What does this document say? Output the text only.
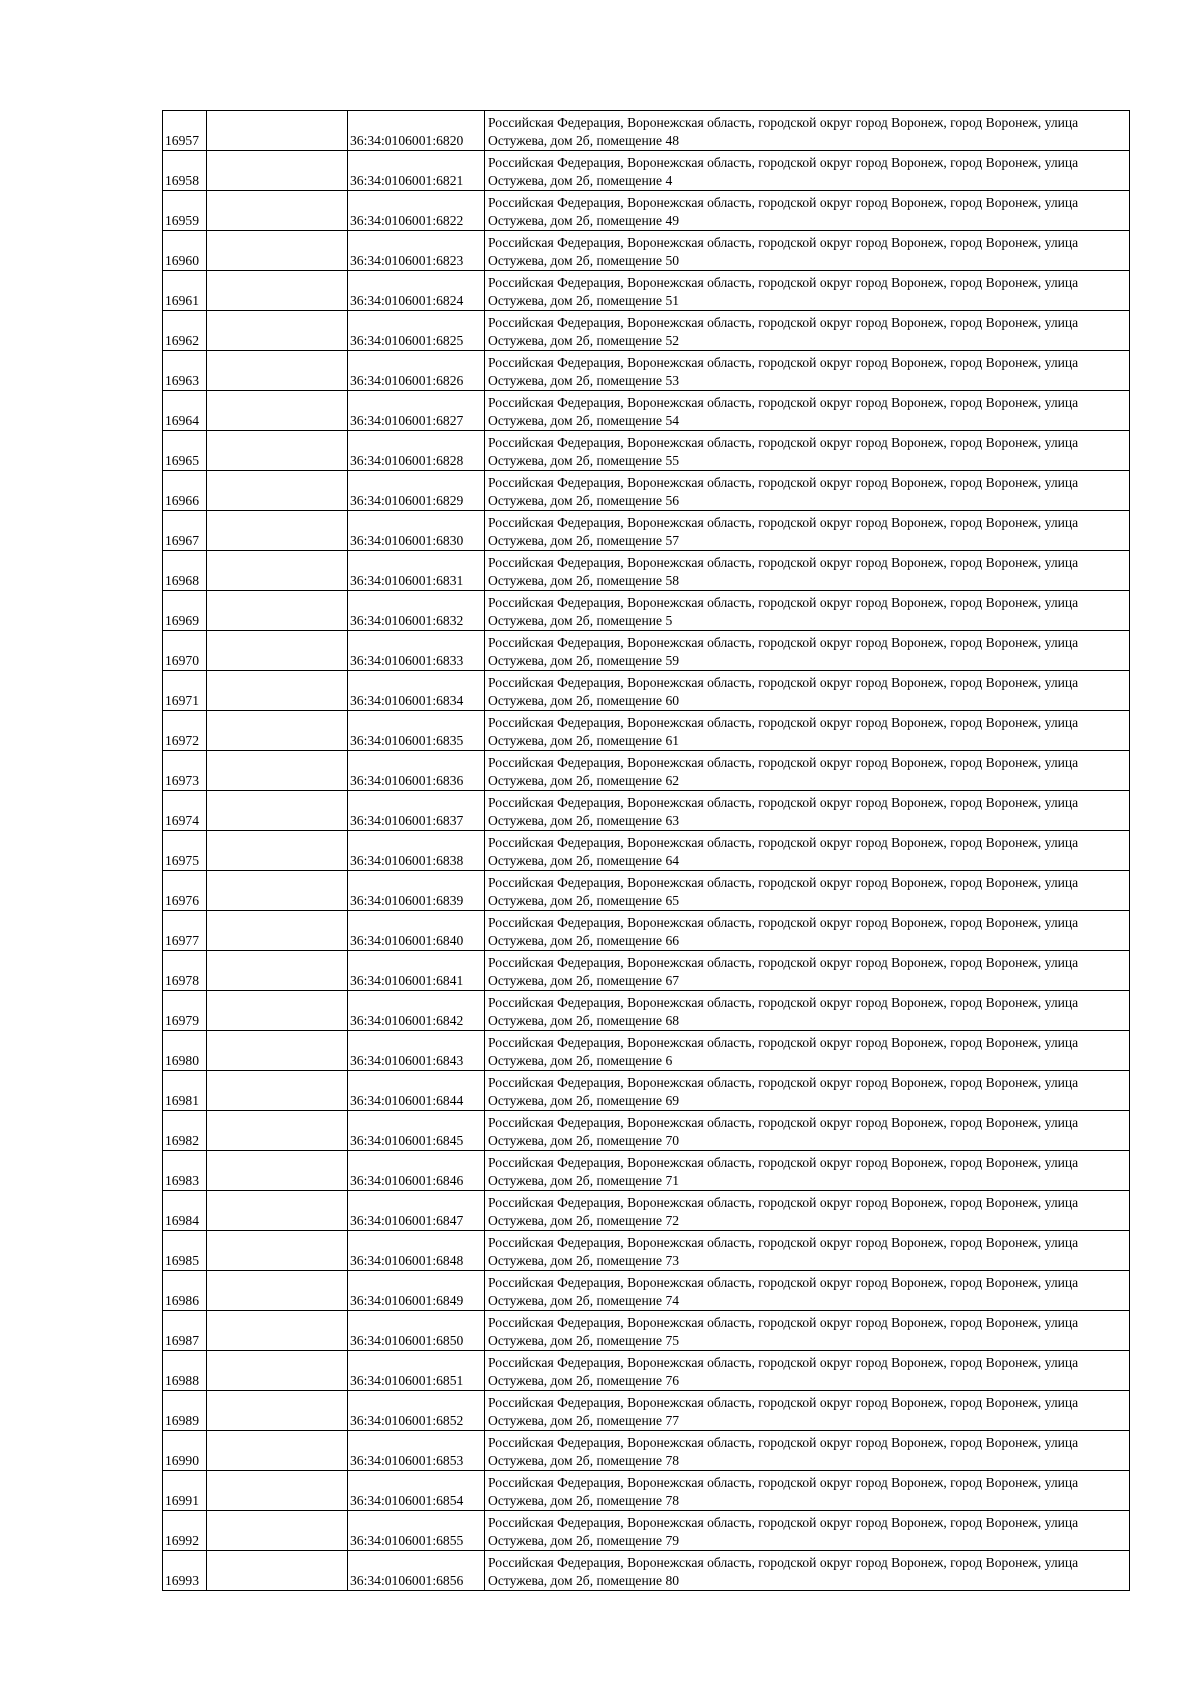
16957		36:34:0106001:6820	Российская Федерация, Воронежская область, городской округ город Воронеж, город Воронеж, улица Остужева, дом 2б, помещение 48
16958		36:34:0106001:6821	Российская Федерация, Воронежская область, городской округ город Воронеж, город Воронеж, улица Остужева, дом 2б, помещение 4
16959		36:34:0106001:6822	Российская Федерация, Воронежская область, городской округ город Воронеж, город Воронеж, улица Остужева, дом 2б, помещение 49
16960		36:34:0106001:6823	Российская Федерация, Воронежская область, городской округ город Воронеж, город Воронеж, улица Остужева, дом 2б, помещение 50
16961		36:34:0106001:6824	Российская Федерация, Воронежская область, городской округ город Воронеж, город Воронеж, улица Остужева, дом 2б, помещение 51
16962		36:34:0106001:6825	Российская Федерация, Воронежская область, городской округ город Воронеж, город Воронеж, улица Остужева, дом 2б, помещение 52
16963		36:34:0106001:6826	Российская Федерация, Воронежская область, городской округ город Воронеж, город Воронеж, улица Остужева, дом 2б, помещение 53
16964		36:34:0106001:6827	Российская Федерация, Воронежская область, городской округ город Воронеж, город Воронеж, улица Остужева, дом 2б, помещение 54
16965		36:34:0106001:6828	Российская Федерация, Воронежская область, городской округ город Воронеж, город Воронеж, улица Остужева, дом 2б, помещение 55
16966		36:34:0106001:6829	Российская Федерация, Воронежская область, городской округ город Воронеж, город Воронеж, улица Остужева, дом 2б, помещение 56
16967		36:34:0106001:6830	Российская Федерация, Воронежская область, городской округ город Воронеж, город Воронеж, улица Остужева, дом 2б, помещение 57
16968		36:34:0106001:6831	Российская Федерация, Воронежская область, городской округ город Воронеж, город Воронеж, улица Остужева, дом 2б, помещение 58
16969		36:34:0106001:6832	Российская Федерация, Воронежская область, городской округ город Воронеж, город Воронеж, улица Остужева, дом 2б, помещение 5
16970		36:34:0106001:6833	Российская Федерация, Воронежская область, городской округ город Воронеж, город Воронеж, улица Остужева, дом 2б, помещение 59
16971		36:34:0106001:6834	Российская Федерация, Воронежская область, городской округ город Воронеж, город Воронеж, улица Остужева, дом 2б, помещение 60
16972		36:34:0106001:6835	Российская Федерация, Воронежская область, городской округ город Воронеж, город Воронеж, улица Остужева, дом 2б, помещение 61
16973		36:34:0106001:6836	Российская Федерация, Воронежская область, городской округ город Воронеж, город Воронеж, улица Остужева, дом 2б, помещение 62
16974		36:34:0106001:6837	Российская Федерация, Воронежская область, городской округ город Воронеж, город Воронеж, улица Остужева, дом 2б, помещение 63
16975		36:34:0106001:6838	Российская Федерация, Воронежская область, городской округ город Воронеж, город Воронеж, улица Остужева, дом 2б, помещение 64
16976		36:34:0106001:6839	Российская Федерация, Воронежская область, городской округ город Воронеж, город Воронеж, улица Остужева, дом 2б, помещение 65
16977		36:34:0106001:6840	Российская Федерация, Воронежская область, городской округ город Воронеж, город Воронеж, улица Остужева, дом 2б, помещение 66
16978		36:34:0106001:6841	Российская Федерация, Воронежская область, городской округ город Воронеж, город Воронеж, улица Остужева, дом 2б, помещение 67
16979		36:34:0106001:6842	Российская Федерация, Воронежская область, городской округ город Воронеж, город Воронеж, улица Остужева, дом 2б, помещение 68
16980		36:34:0106001:6843	Российская Федерация, Воронежская область, городской округ город Воронеж, город Воронеж, улица Остужева, дом 2б, помещение 6
16981		36:34:0106001:6844	Российская Федерация, Воронежская область, городской округ город Воронеж, город Воронеж, улица Остужева, дом 2б, помещение 69
16982		36:34:0106001:6845	Российская Федерация, Воронежская область, городской округ город Воронеж, город Воронеж, улица Остужева, дом 2б, помещение 70
16983		36:34:0106001:6846	Российская Федерация, Воронежская область, городской округ город Воронеж, город Воронеж, улица Остужева, дом 2б, помещение 71
16984		36:34:0106001:6847	Российская Федерация, Воронежская область, городской округ город Воронеж, город Воронеж, улица Остужева, дом 2б, помещение 72
16985		36:34:0106001:6848	Российская Федерация, Воронежская область, городской округ город Воронеж, город Воронеж, улица Остужева, дом 2б, помещение 73
16986		36:34:0106001:6849	Российская Федерация, Воронежская область, городской округ город Воронеж, город Воронеж, улица Остужева, дом 2б, помещение 74
16987		36:34:0106001:6850	Российская Федерация, Воронежская область, городской округ город Воронеж, город Воронеж, улица Остужева, дом 2б, помещение 75
16988		36:34:0106001:6851	Российская Федерация, Воронежская область, городской округ город Воронеж, город Воронеж, улица Остужева, дом 2б, помещение 76
16989		36:34:0106001:6852	Российская Федерация, Воронежская область, городской округ город Воронеж, город Воронеж, улица Остужева, дом 2б, помещение 77
16990		36:34:0106001:6853	Российская Федерация, Воронежская область, городской округ город Воронеж, город Воронеж, улица Остужева, дом 2б, помещение 78
16991		36:34:0106001:6854	Российская Федерация, Воронежская область, городской округ город Воронеж, город Воронеж, улица Остужева, дом 2б, помещение 78
16992		36:34:0106001:6855	Российская Федерация, Воронежская область, городской округ город Воронеж, город Воронеж, улица Остужева, дом 2б, помещение 79
16993		36:34:0106001:6856	Российская Федерация, Воронежская область, городской округ город Воронеж, город Воронеж, улица Остужева, дом 2б, помещение 80
